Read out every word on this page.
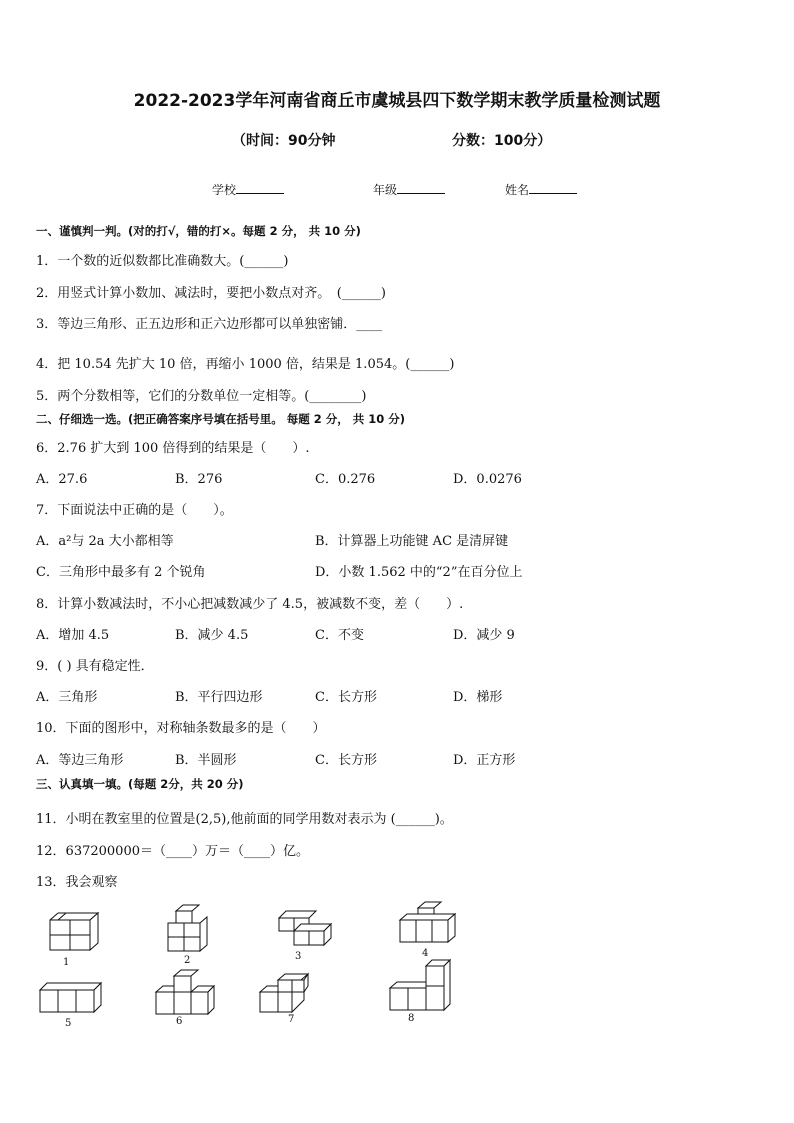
2022-2023学年河南省商丘市虞城县四下数学期末教学质量检测试题
（时间：90分钟	分数：100分）
学校	年级	姓名
一、谨慎判一判。(对的打√，错的打×。每题 2 分， 共 10 分)
1．一个数的近似数都比准确数大。(______)
2．用竖式计算小数加、减法时，要把小数点对齐。　(______)
3．等边三角形、正五边形和正六边形都可以单独密铺．____
4．把 10.54 先扩大 10 倍，再缩小 1000 倍，结果是 1.054。(______)
5．两个分数相等，它们的分数单位一定相等。(________)
二、仔细选一选。(把正确答案序号填在括号里。 每题 2 分， 共 10 分)
6．2.76 扩大到 100 倍得到的结果是（　　）.
A．27.6	B．276	C．0.276	D．0.0276
7．下面说法中正确的是（　　）。
A．a²与 2a 大小都相等	B．计算器上功能键 AC 是清屏键
C．三角形中最多有 2 个锐角	D．小数 1.562 中的“2”在百分位上
8．计算小数减法时，不小心把减数减少了 4.5，被减数不变，差（　　）.
A．增加 4.5	B．减少 4.5	C．不变	D．减少 9
9．( ) 具有稳定性．
A．三角形	B．平行四边形	C．长方形	D．梯形
10．下面的图形中，对称轴条数最多的是（　　）
A．等边三角形	B．半圆形	C．长方形	D．正方形
三、认真填一填。(每题 2分，共 20 分)
11．小明在教室里的位置是(2,5),他前面的同学用数对表示为 (______)。
12．637200000＝（____）万＝（____）亿。
13．我会观察
1	2	3	4
5	6	7	8
